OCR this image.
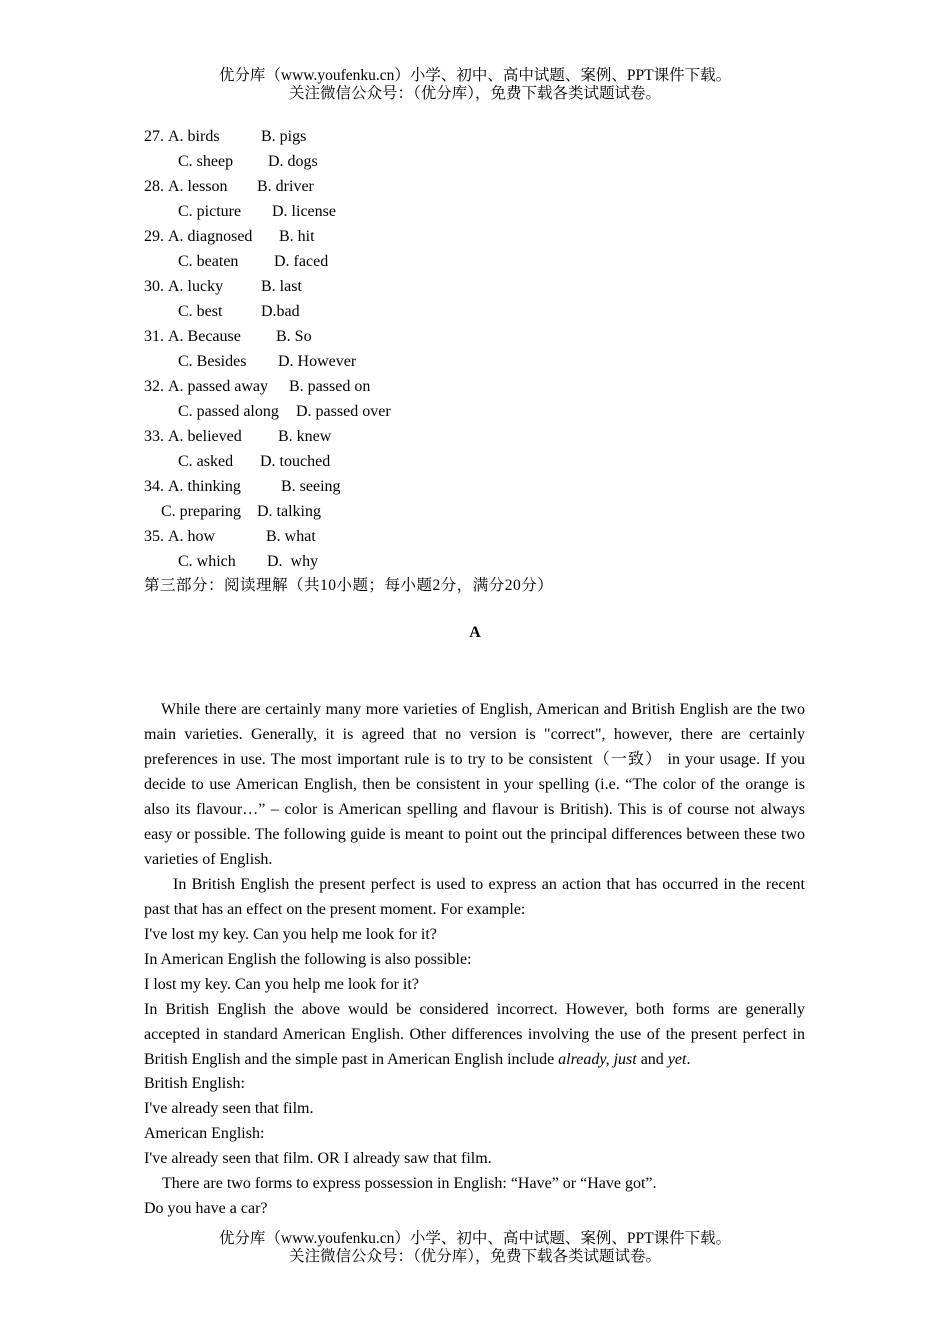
优分库（www.youfenku.cn）小学、初中、高中试题、案例、PPT课件下载。
关注微信公众号：（优分库），免费下载各类试题试卷。
27. A. birds	B. pigs
C. sheep D. dogs
28. A. lesson B. driver
C. picture D. license
29. A. diagnosed B. hit
C. beaten D. faced
30. A. lucky B. last
C. best D.bad
31. A. Because B. So
C. Besides D. However
32. A. passed away B. passed on
C. passed along D. passed over
33. A. believed B. knew
C. asked D. touched
34. A. thinking	B. seeing
C. preparing D. talking
35. A. how	B. what
C. which D.  why
第三部分：阅读理解（共10小题；每小题2分，满分20分）
A

While there are certainly many more varieties of English, American and British English are the two main varieties. Generally, it is agreed that no version is "correct", however, there are certainly preferences in use. The most important rule is to try to be consistent（一致） in your usage. If you decide to use American English, then be consistent in your spelling (i.e. “The color of the orange is also its flavour…” – color is American spelling and flavour is British). This is of course not always easy or possible. The following guide is meant to point out the principal differences between these two varieties of English.

In British English the present perfect is used to express an action that has occurred in the recent past that has an effect on the present moment. For example:

I've lost my key. Can you help me look for it?
In American English the following is also possible:
I lost my key. Can you help me look for it?

In British English the above would be considered incorrect. However, both forms are generally accepted in standard American English. Other differences involving the use of the present perfect in British English and the simple past in American English include already, just and yet.

British English:
I've already seen that film.
American English:
I've already seen that film. OR I already saw that film.
There are two forms to express possession in English: “Have” or “Have got”.
Do you have a car?
优分库（www.youfenku.cn）小学、初中、高中试题、案例、PPT课件下载。
关注微信公众号：（优分库），免费下载各类试题试卷。
